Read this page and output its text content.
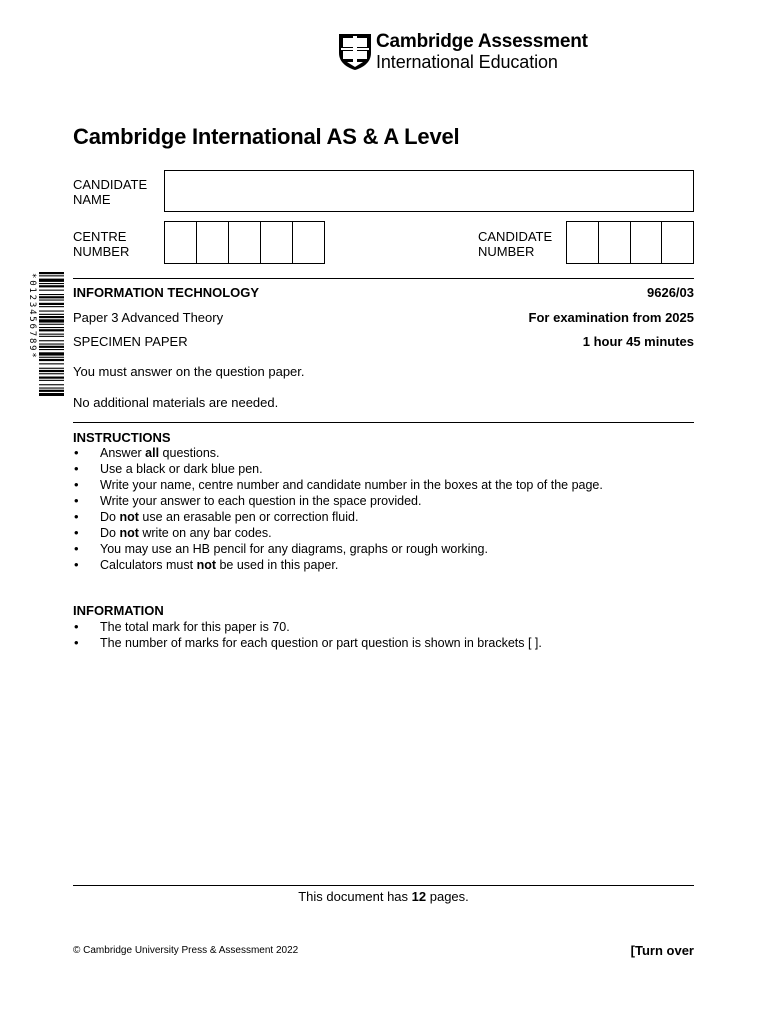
Cambridge Assessment
International Education
Cambridge International AS & A Level
CANDIDATE
NAME
CENTRE
NUMBER
CANDIDATE
NUMBER
*0123456789*	INFORMATION TECHNOLOGY	9626/03
Paper 3 Advanced Theory	For examination from 2025
SPECIMEN PAPER	1 hour 45 minutes
You must answer on the question paper.
No additional materials are needed.
INSTRUCTIONS
• Answer all questions.
• Use a black or dark blue pen.
• Write your name, centre number and candidate number in the boxes at the top of the page.
• Write your answer to each question in the space provided.
• Do not use an erasable pen or correction fluid.
• Do not write on any bar codes.
• You may use an HB pencil for any diagrams, graphs or rough working.
• Calculators must not be used in this paper.
INFORMATION
• The total mark for this paper is 70.
• The number of marks for each question or part question is shown in brackets [ ].
This document has 12 pages.
© Cambridge University Press & Assessment 2022	[Turn over
